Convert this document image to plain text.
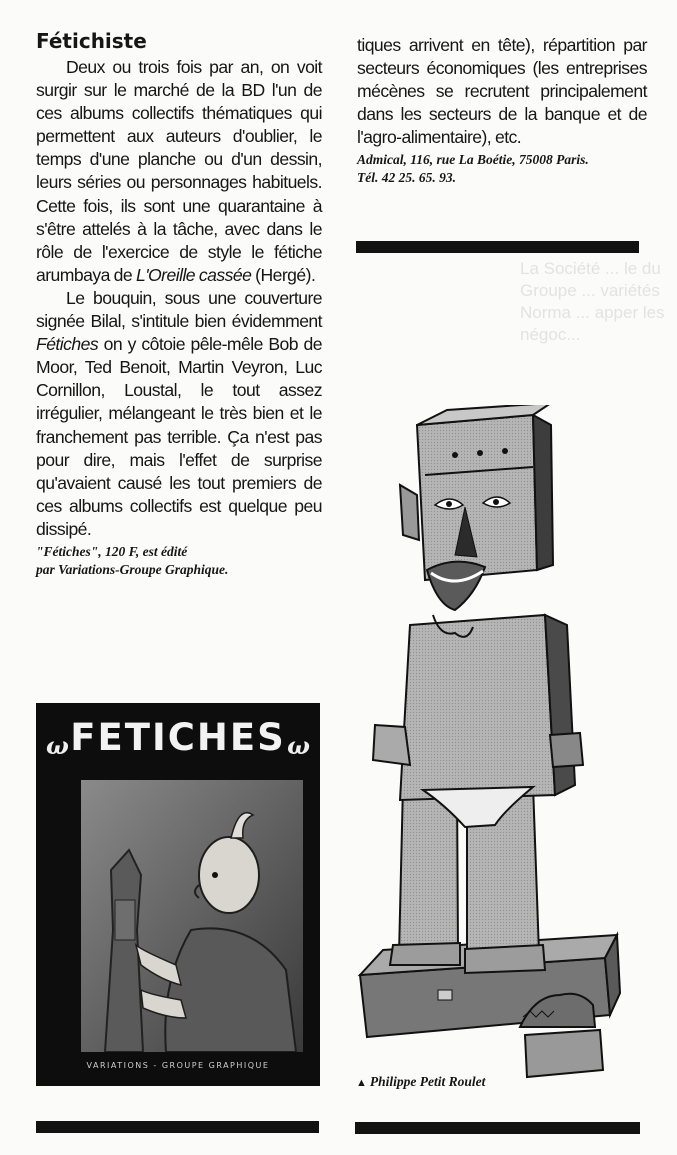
Fétichiste

Deux ou trois fois par an, on voit surgir sur le marché de la BD l'un de ces albums collectifs thématiques qui permettent aux auteurs d'oublier, le temps d'une planche ou d'un dessin, leurs séries ou personnages habituels. Cette fois, ils sont une quarantaine à s'être attelés à la tâche, avec dans le rôle de l'exercice de style le fétiche arumbaya de L'Oreille cassée (Hergé).

Le bouquin, sous une couverture signée Bilal, s'intitule bien évidemment Fétiches on y côtoie pêle-mêle Bob de Moor, Ted Benoit, Martin Veyron, Luc Cornillon, Loustal, le tout assez irrégulier, mélangeant le très bien et le franchement pas terrible. Ça n'est pas pour dire, mais l'effet de surprise qu'avaient causé les tout premiers de ces albums collectifs est quelque peu dissipé.

"Fétiches", 120 F, est édité
par Variations-Groupe Graphique.

ω FETICHES ω
VARIATIONS - GROUPE GRAPHIQUE

tiques arrivent en tête), répartition par secteurs économiques (les entreprises mécènes se recrutent principalement dans les secteurs de la banque et de l'agro-alimentaire), etc.

Admical, 116, rue La Boétie, 75008 Paris.
Tél. 42 25. 65. 93.

La Société ... le du Groupe ... variétés Norma ... apper les négoc...
▲ Philippe Petit Roulet
